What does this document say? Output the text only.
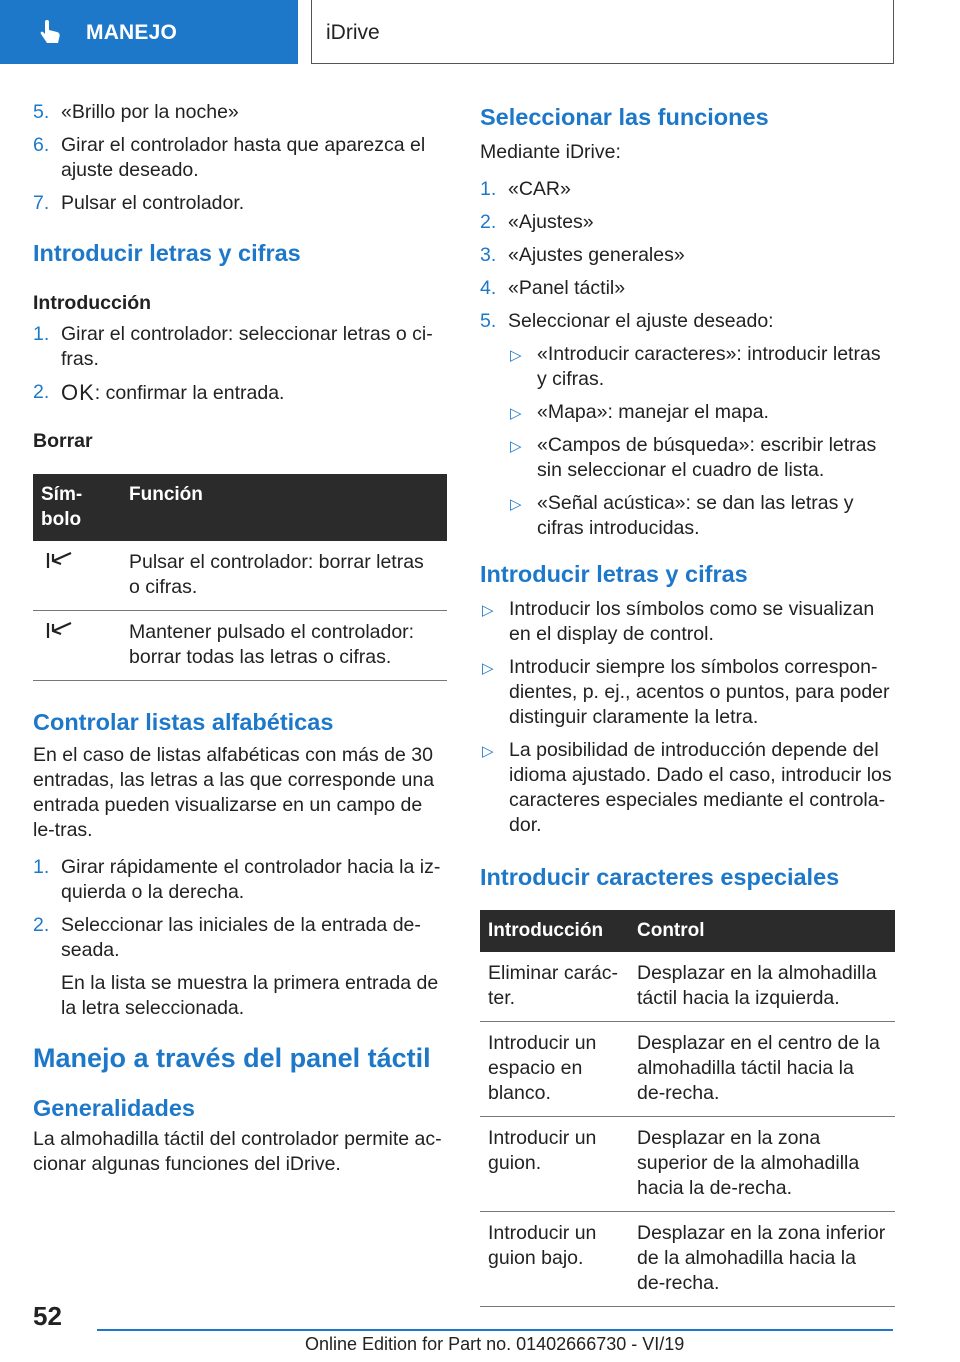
MANEJO	iDrive
5. «Brillo por la noche»
6. Girar el controlador hasta que aparezca el ajuste deseado.
7. Pulsar el controlador.
Introducir letras y cifras
Introducción
1. Girar el controlador: seleccionar letras o ci-fras.
2. OK: confirmar la entrada.
Borrar
Sím-bolo	Función
	Pulsar el controlador: borrar letras o cifras.
	Mantener pulsado el controlador: borrar todas las letras o cifras.
Controlar listas alfabéticas

En el caso de listas alfabéticas con más de 30 entradas, las letras a las que corresponde una entrada pueden visualizarse en un campo de le-tras.

1. Girar rápidamente el controlador hacia la iz-quierda o la derecha.
2. Seleccionar las iniciales de la entrada de-seada.
En la lista se muestra la primera entrada de la letra seleccionada.
Manejo a través del panel táctil
Generalidades

La almohadilla táctil del controlador permite ac-cionar algunas funciones del iDrive.

Seleccionar las funciones

Mediante iDrive:

1. «CAR»
2. «Ajustes»
3. «Ajustes generales»
4. «Panel táctil»
5. Seleccionar el ajuste deseado:
▷ «Introducir caracteres»: introducir letras y cifras.
▷ «Mapa»: manejar el mapa.
▷ «Campos de búsqueda»: escribir letras sin seleccionar el cuadro de lista.
▷ «Señal acústica»: se dan las letras y cifras introducidas.
Introducir letras y cifras
▷ Introducir los símbolos como se visualizan en el display de control.
▷ Introducir siempre los símbolos correspon-dientes, p. ej., acentos o puntos, para poder distinguir claramente la letra.
▷ La posibilidad de introducción depende del idioma ajustado. Dado el caso, introducir los caracteres especiales mediante el controla-dor.
Introducir caracteres especiales
Introducción	Control
Eliminar carác-ter.	Desplazar en la almohadilla táctil hacia la izquierda.
Introducir un espacio en blanco.	Desplazar en el centro de la almohadilla táctil hacia la de-recha.
Introducir un guion.	Desplazar en la zona superior de la almohadilla hacia la de-recha.
Introducir un guion bajo.	Desplazar en la zona inferior de la almohadilla hacia la de-recha.
52
Online Edition for Part no. 01402666730 - VI/19
